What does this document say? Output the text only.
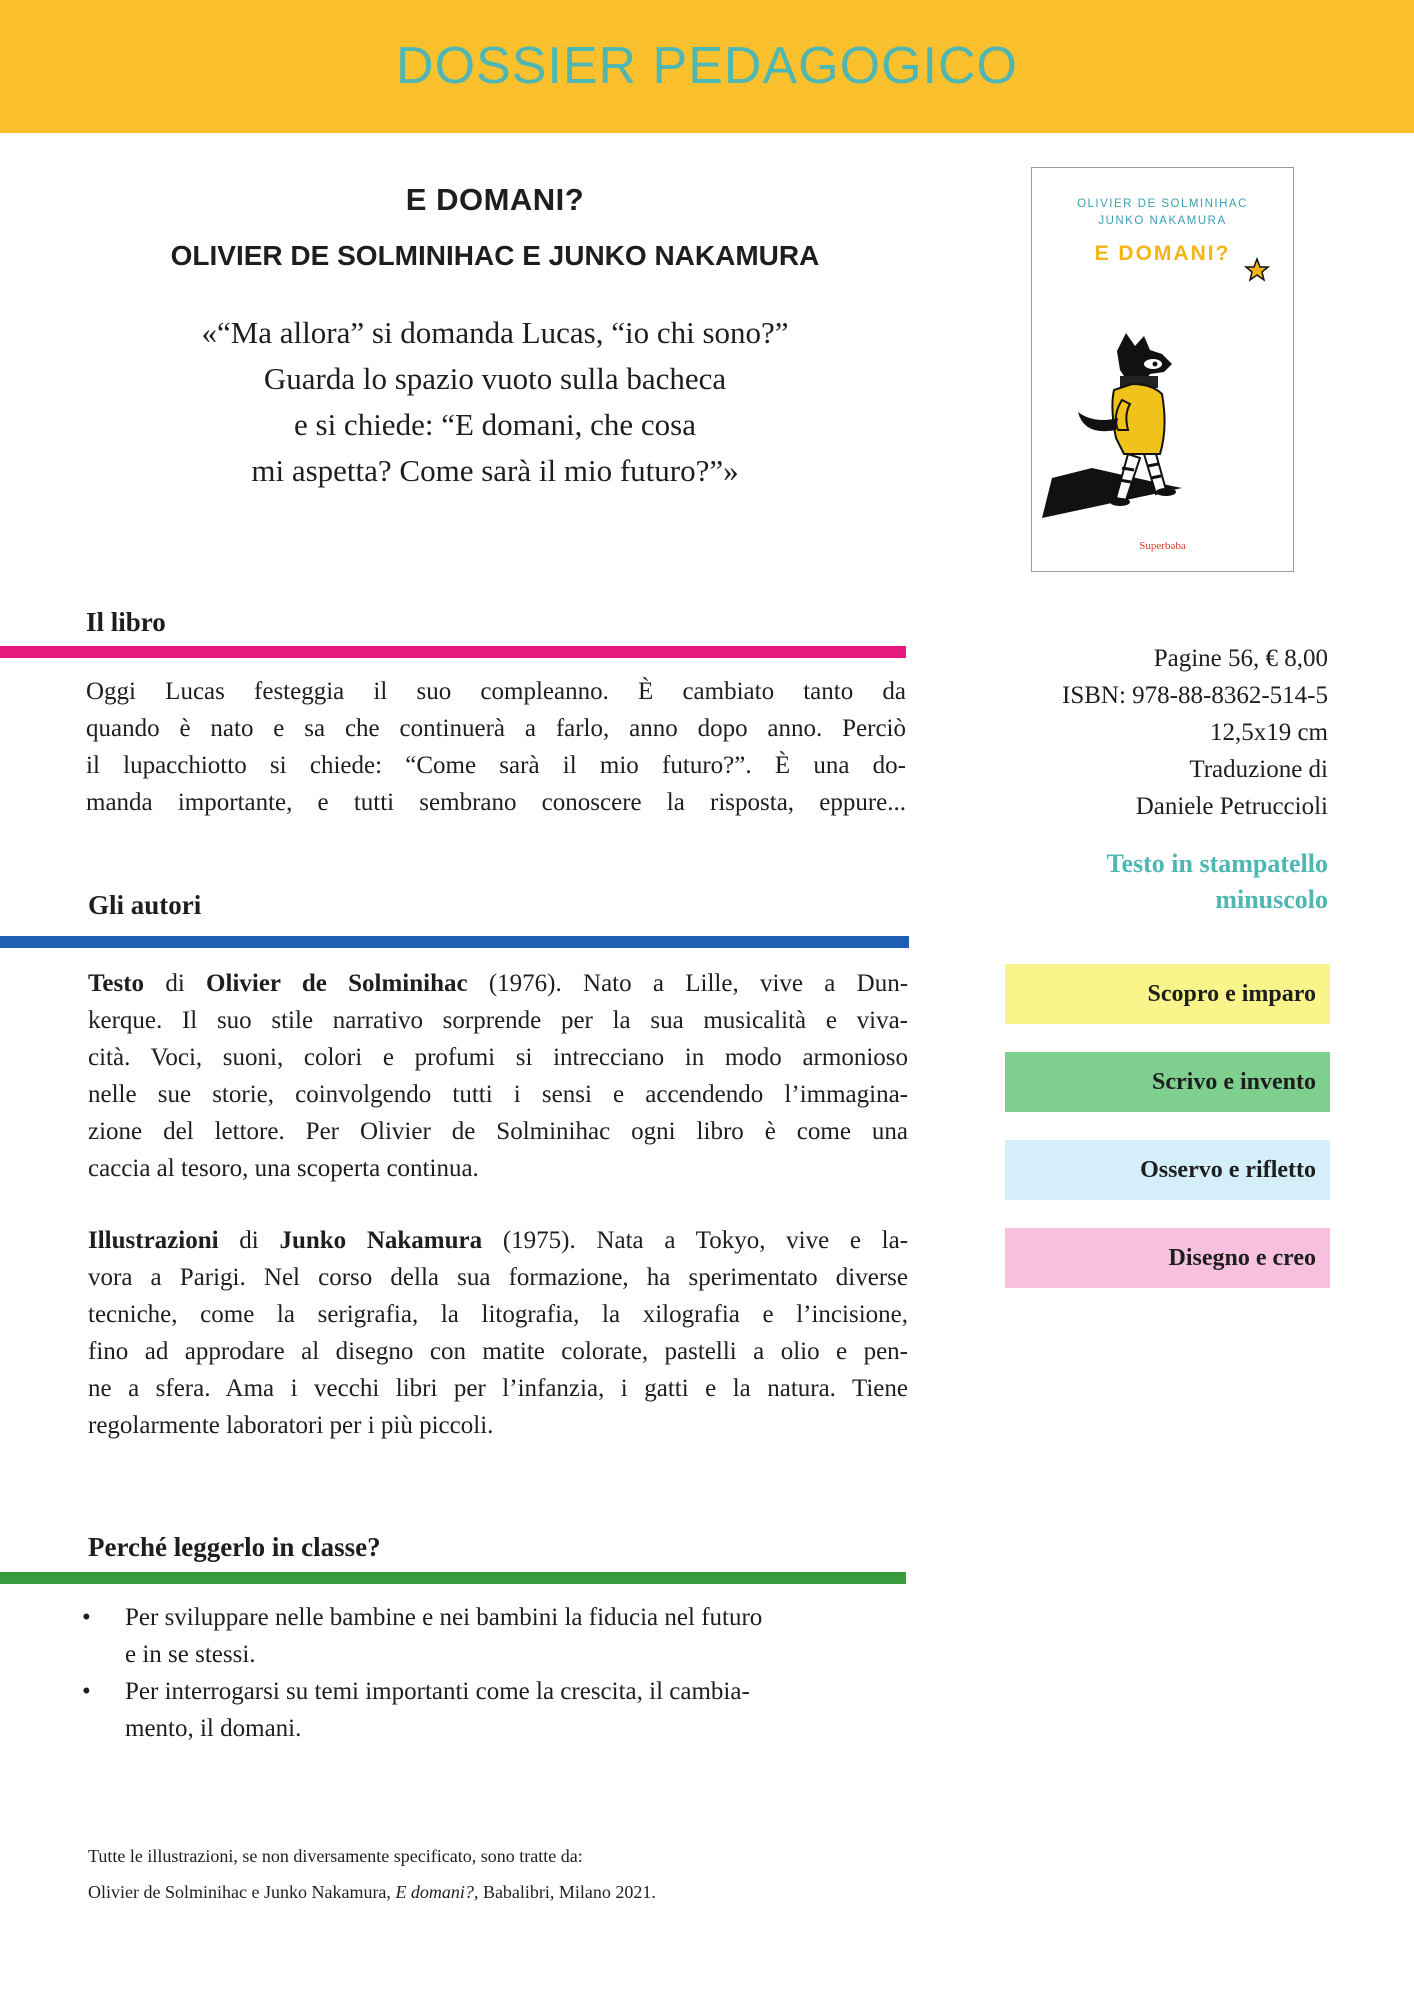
DOSSIER PEDAGOGICO
E DOMANI?
OLIVIER DE SOLMINIHAC E JUNKO NAKAMURA
«“Ma allora” si domanda Lucas, “io chi sono?”
Guarda lo spazio vuoto sulla bacheca
e si chiede: “E domani, che cosa
mi aspetta? Come sarà il mio futuro?”»
OLIVIER DE SOLMINIHAC
JUNKO NAKAMURA
E DOMANI?
Superbaba
Il libro
Oggi Lucas festeggia il suo compleanno. È cambiato tanto da
quando è nato e sa che continuerà a farlo, anno dopo anno. Perciò
il lupacchiotto si chiede: “Come sarà il mio futuro?”. È una do-
manda importante, e tutti sembrano conoscere la risposta, eppure...
Gli autori
Testo di Olivier de Solminihac (1976). Nato a Lille, vive a Dun-
kerque. Il suo stile narrativo sorprende per la sua musicalità e viva-
cità. Voci, suoni, colori e profumi si intrecciano in modo armonioso
nelle sue storie, coinvolgendo tutti i sensi e accendendo l’immagina-
zione del lettore. Per Olivier de Solminihac ogni libro è come una
caccia al tesoro, una scoperta continua.
Illustrazioni di Junko Nakamura (1975). Nata a Tokyo, vive e la-
vora a Parigi. Nel corso della sua formazione, ha sperimentato diverse
tecniche, come la serigrafia, la litografia, la xilografia e l’incisione,
fino ad approdare al disegno con matite colorate, pastelli a olio e pen-
ne a sfera. Ama i vecchi libri per l’infanzia, i gatti e la natura. Tiene
regolarmente laboratori per i più piccoli.
Perché leggerlo in classe?
• Per sviluppare nelle bambine e nei bambini la fiducia nel futuro
e in se stessi.
• Per interrogarsi su temi importanti come la crescita, il cambia-
mento, il domani.
Pagine 56, € 8,00
ISBN: 978-88-8362-514-5
12,5x19 cm
Traduzione di
Daniele Petruccioli
Testo in stampatello
minuscolo
Scopro e imparo
Scrivo e invento
Osservo e rifletto
Disegno e creo
Tutte le illustrazioni, se non diversamente specificato, sono tratte da:
Olivier de Solminihac e Junko Nakamura, E domani?, Babalibri, Milano 2021.
